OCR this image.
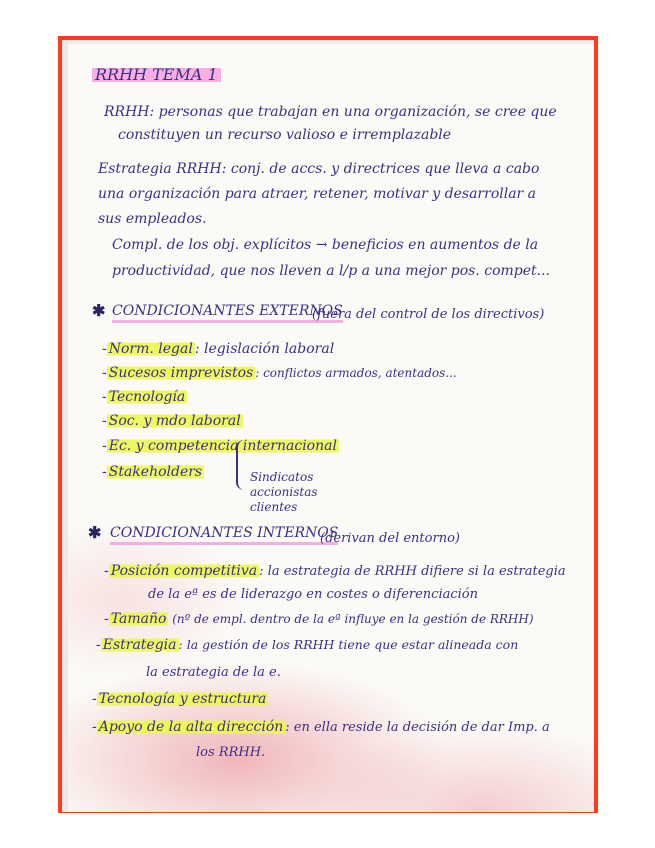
RRHH TEMA 1
RRHH: personas que trabajan en una organización, se cree que
constituyen un recurso valioso e irremplazable
Estrategia RRHH: conj. de accs. y directrices que lleva a cabo
una organización para atraer, retener, motivar y desarrollar a
sus empleados.
Compl. de los obj. explícitos → beneficios en aumentos de la
productividad, que nos lleven a l/p a una mejor pos. compet...
✱ CONDICIONANTES EXTERNOS
(fuera del control de los directivos)
- Norm. legal : legislación laboral
- Sucesos imprevistos : conflictos armados, atentados...
- Tecnología
- Soc. y mdo laboral
- Ec. y competencia internacional
- Stakeholders	Sindicatos
accionistas
clientes
✱ CONDICIONANTES INTERNOS
(derivan del entorno)
- Posición competitiva : la estrategia de RRHH difiere si la estrategia
de la eª es de liderazgo en costes o diferenciación
- Tamaño (nº de empl. dentro de la eª influye en la gestión de RRHH)
- Estrategia : la gestión de los RRHH tiene que estar alineada con
la estrategia de la e.
- Tecnología y estructura
- Apoyo de la alta dirección : en ella reside la decisión de dar Imp. a
los RRHH.
